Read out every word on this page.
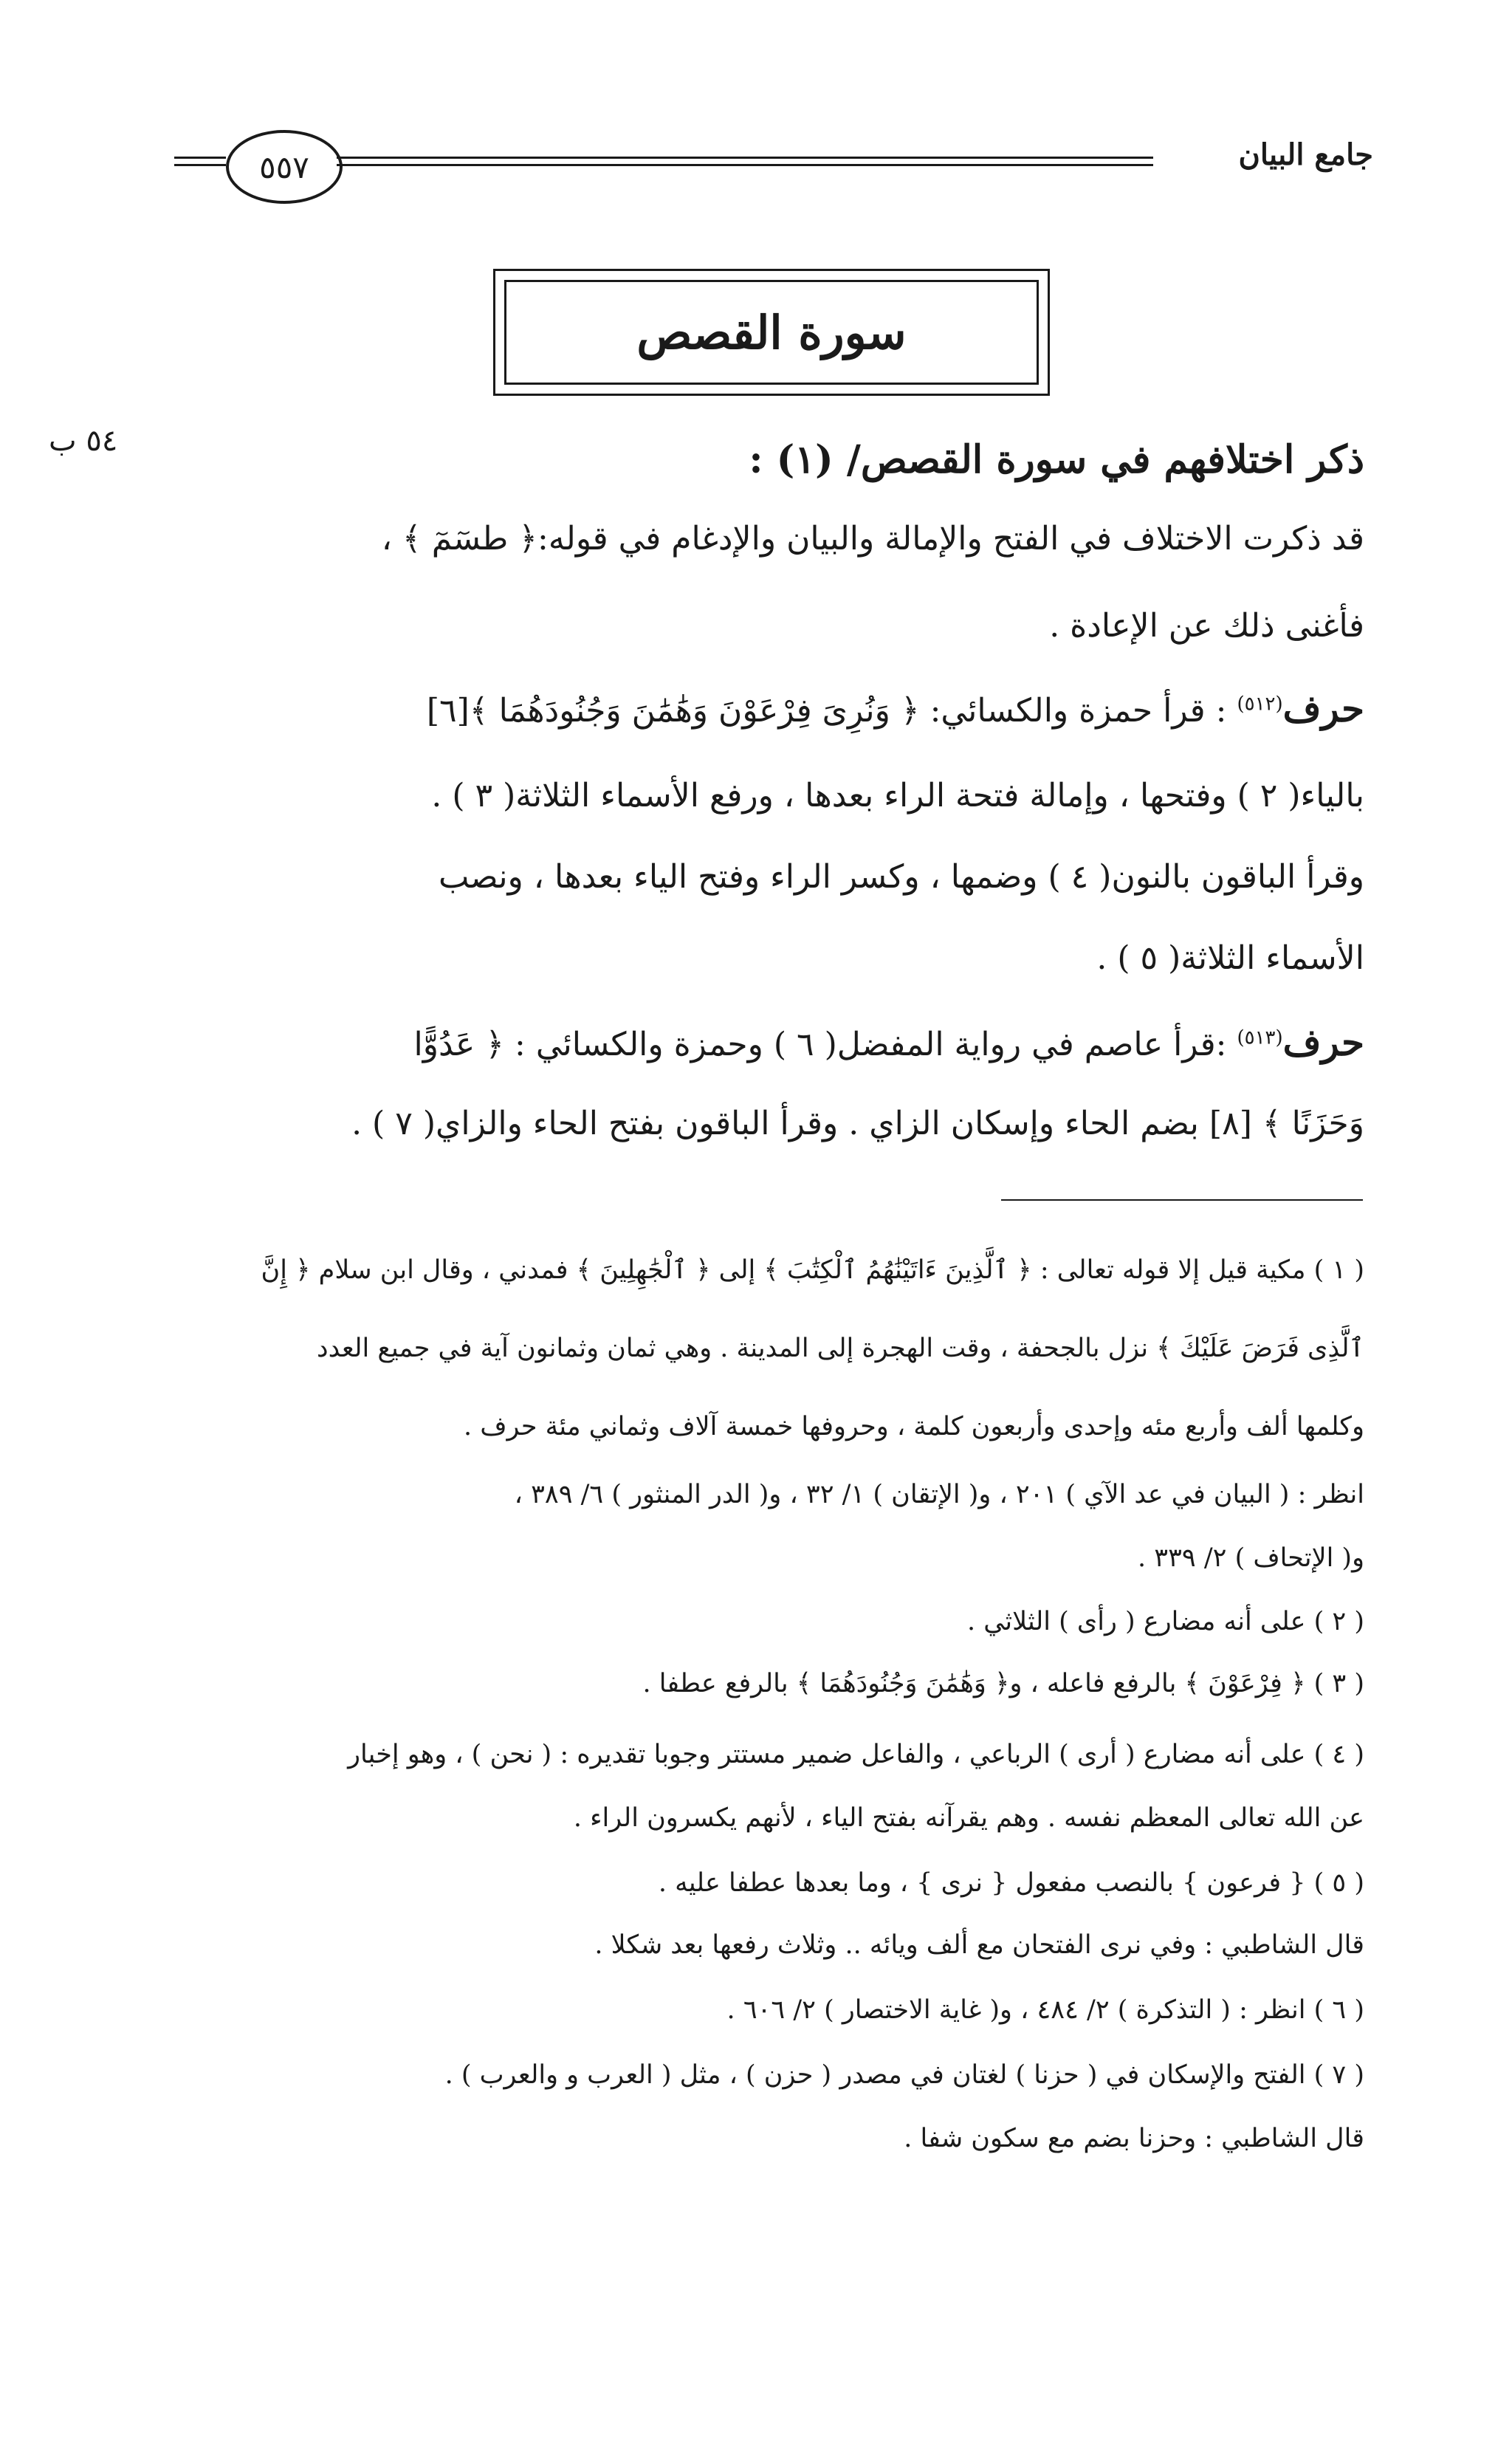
٥٥٧	جامع البيان
سورة القصص
٥٤ ب	ذكر اختلافهم في سورة القصص/ (١) :
قد ذكرت الاختلاف في الفتح والإمالة والبيان والإدغام في قوله:﴿ طسٓمٓ ﴾ ،
فأغنى ذلك عن الإعادة .
حرف$^{(٥١٢)}$ : قرأ حمزة والكسائي: ﴿ وَنُرِىَ فِرْعَوْنَ وَهَٰمَٰنَ وَجُنُودَهُمَا ﴾[٦]
بالياء( ٢ ) وفتحها ، وإمالة فتحة الراء بعدها ، ورفع الأسماء الثلاثة( ٣ ) .
وقرأ الباقون بالنون( ٤ ) وضمها ، وكسر الراء وفتح الياء بعدها ، ونصب
الأسماء الثلاثة( ٥ ) .
حرف$^{(٥١٣)}$ :قرأ عاصم في رواية المفضل( ٦ ) وحمزة والكسائي : ﴿ عَدُوًّا
وَحَزَنًا ﴾ [٨] بضم الحاء وإسكان الزاي . وقرأ الباقون بفتح الحاء والزاي( ٧ ) .
( ١ ) مكية قيل إلا قوله تعالى : ﴿ ٱلَّذِينَ ءَاتَيْنَٰهُمُ ٱلْكِتَٰبَ ﴾ إلى ﴿ ٱلْجَٰهِلِينَ ﴾ فمدني ، وقال ابن سلام ﴿ إِنَّ
ٱلَّذِى فَرَضَ عَلَيْكَ ﴾ نزل بالجحفة ، وقت الهجرة إلى المدينة . وهي ثمان وثمانون آية في جميع العدد
وكلمها ألف وأربع مئه وإحدى وأربعون كلمة ، وحروفها خمسة آلاف وثماني مئة حرف .
انظر : ( البيان في عد الآي ) ٢٠١ ، و( الإتقان ) ١/ ٣٢ ، و( الدر المنثور ) ٦/ ٣٨٩ ،
و( الإتحاف ) ٢/ ٣٣٩ .
( ٢ ) على أنه مضارع ( رأى ) الثلاثي .
( ٣ ) ﴿ فِرْعَوْنَ ﴾ بالرفع فاعله ، و﴿ وَهَٰمَٰنَ وَجُنُودَهُمَا ﴾ بالرفع عطفا .
( ٤ ) على أنه مضارع ( أرى ) الرباعي ، والفاعل ضمير مستتر وجوبا تقديره : ( نحن ) ، وهو إخبار
عن الله تعالى المعظم نفسه . وهم يقرآنه بفتح الياء ، لأنهم يكسرون الراء .
( ٥ ) { فرعون } بالنصب مفعول { نرى } ، وما بعدها عطفا عليه .
قال الشاطبي : وفي نرى الفتحان مع ألف ويائه .. وثلاث رفعها بعد شكلا .
( ٦ ) انظر : ( التذكرة ) ٢/ ٤٨٤ ، و( غاية الاختصار ) ٢/ ٦٠٦ .
( ٧ ) الفتح والإسكان في ( حزنا ) لغتان في مصدر ( حزن ) ، مثل ( العرب و والعرب ) .
قال الشاطبي : وحزنا بضم مع سكون شفا .
